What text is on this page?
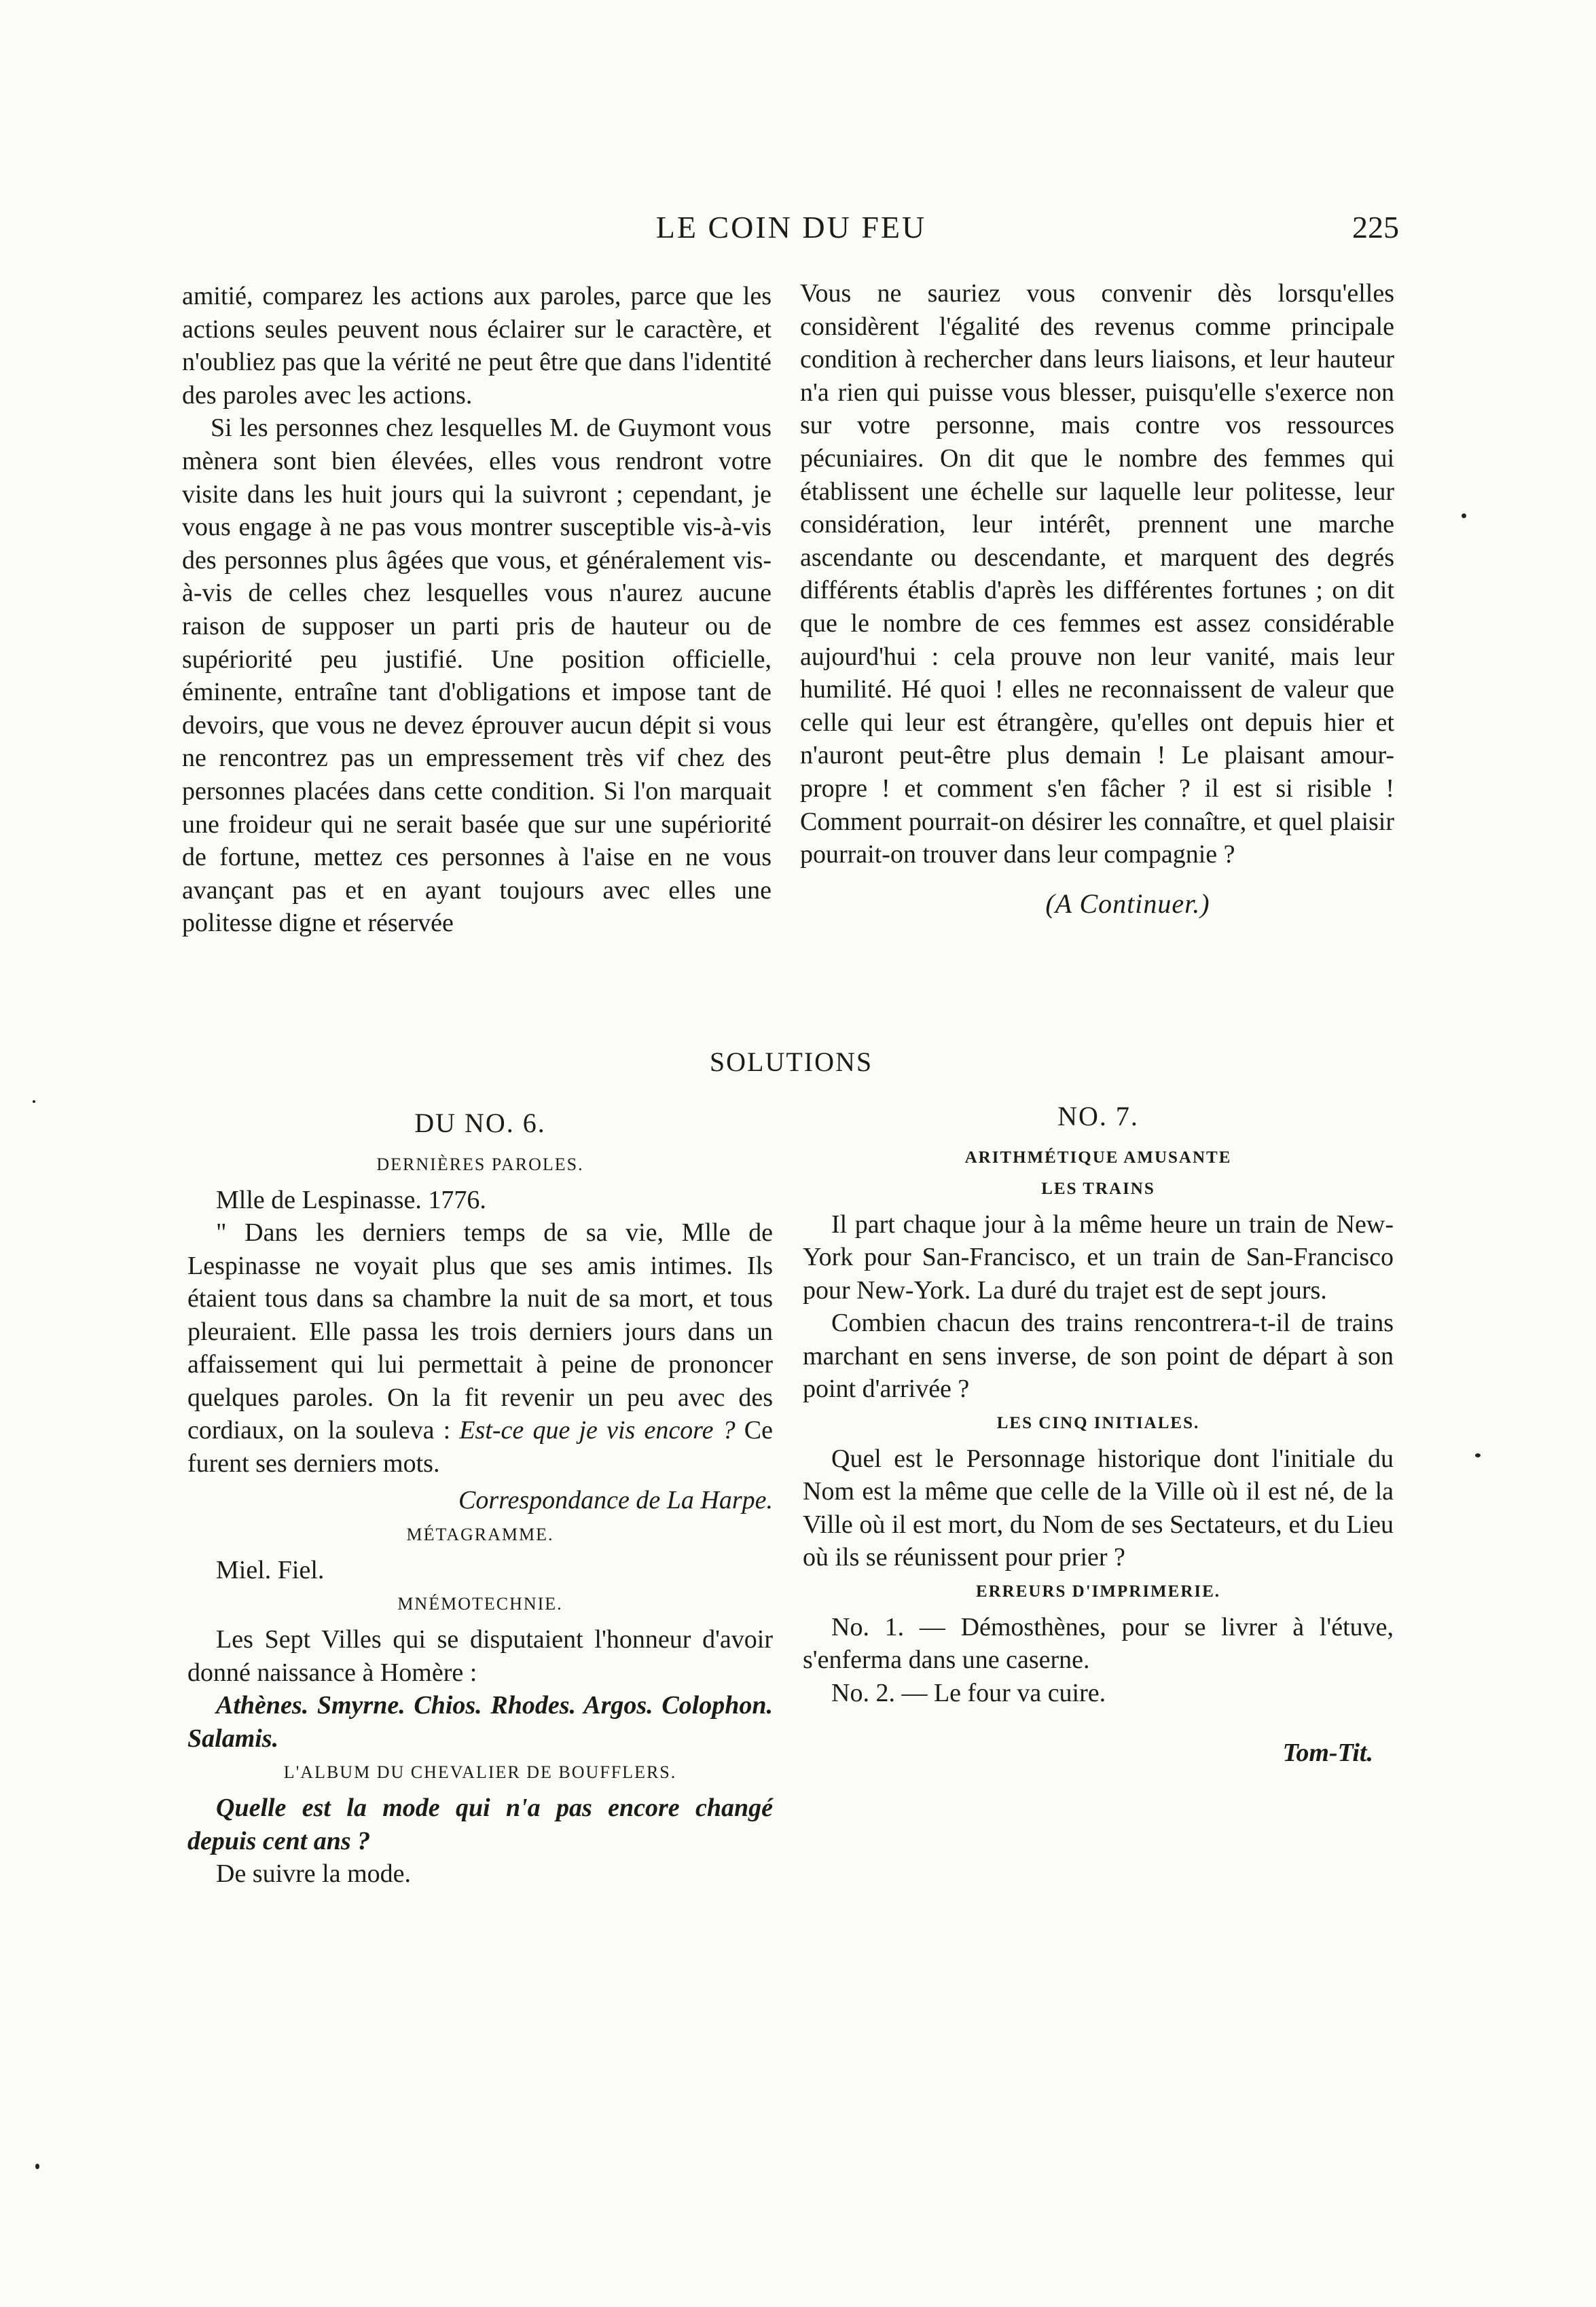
LE COIN DU FEU	225

amitié, comparez les actions aux paroles, parce que les actions seules peuvent nous éclairer sur le caractère, et n'oubliez pas que la vérité ne peut être que dans l'identité des paroles avec les actions.

Si les personnes chez lesquelles M. de Guymont vous mènera sont bien élevées, elles vous rendront votre visite dans les huit jours qui la suivront ; cependant, je vous engage à ne pas vous montrer susceptible vis-à-vis des personnes plus âgées que vous, et généralement vis-à-vis de celles chez lesquelles vous n'aurez aucune raison de supposer un parti pris de hauteur ou de supériorité peu justifié. Une position officielle, éminente, entraîne tant d'obligations et impose tant de devoirs, que vous ne devez éprouver aucun dépit si vous ne rencontrez pas un empressement très vif chez des personnes placées dans cette condition. Si l'on marquait une froideur qui ne serait basée que sur une supériorité de fortune, mettez ces personnes à l'aise en ne vous avançant pas et en ayant toujours avec elles une politesse digne et réservée

Vous ne sauriez vous convenir dès lorsqu'elles considèrent l'égalité des revenus comme principale condition à rechercher dans leurs liaisons, et leur hauteur n'a rien qui puisse vous blesser, puisqu'elle s'exerce non sur votre personne, mais contre vos ressources pécuniaires. On dit que le nombre des femmes qui établissent une échelle sur laquelle leur politesse, leur considération, leur intérêt, prennent une marche ascendante ou descendante, et marquent des degrés différents établis d'après les différentes fortunes ; on dit que le nombre de ces femmes est assez considérable aujourd'hui : cela prouve non leur vanité, mais leur humilité. Hé quoi ! elles ne reconnaissent de valeur que celle qui leur est étrangère, qu'elles ont depuis hier et n'auront peut-être plus demain ! Le plaisant amour-propre ! et comment s'en fâcher ? il est si risible ! Comment pourrait-on désirer les connaître, et quel plaisir pourrait-on trouver dans leur compagnie ?

(A Continuer.)

SOLUTIONS

DU NO. 6.

DERNIÈRES PAROLES.

Mlle de Lespinasse. 1776.

" Dans les derniers temps de sa vie, Mlle de Lespinasse ne voyait plus que ses amis intimes. Ils étaient tous dans sa chambre la nuit de sa mort, et tous pleuraient. Elle passa les trois derniers jours dans un affaissement qui lui permettait à peine de prononcer quelques paroles. On la fit revenir un peu avec des cordiaux, on la souleva : Est-ce que je vis encore ? Ce furent ses derniers mots.

Correspondance de La Harpe.

MÉTAGRAMME.

Miel. Fiel.

MNÉMOTECHNIE.

Les Sept Villes qui se disputaient l'honneur d'avoir donné naissance à Homère :

Athènes. Smyrne. Chios. Rhodes. Argos. Colophon. Salamis.

L'ALBUM DU CHEVALIER DE BOUFFLERS.

Quelle est la mode qui n'a pas encore changé depuis cent ans ?

De suivre la mode.

NO. 7.

ARITHMÉTIQUE AMUSANTE

LES TRAINS

Il part chaque jour à la même heure un train de New-York pour San-Francisco, et un train de San-Francisco pour New-York. La duré du trajet est de sept jours.

Combien chacun des trains rencontrera-t-il de trains marchant en sens inverse, de son point de départ à son point d'arrivée ?

LES CINQ INITIALES.

Quel est le Personnage historique dont l'initiale du Nom est la même que celle de la Ville où il est né, de la Ville où il est mort, du Nom de ses Sectateurs, et du Lieu où ils se réunissent pour prier ?

ERREURS D'IMPRIMERIE.

No. 1. — Démosthènes, pour se livrer à l'étuve, s'enferma dans une caserne.

No. 2. — Le four va cuire.

Tom-Tit.
